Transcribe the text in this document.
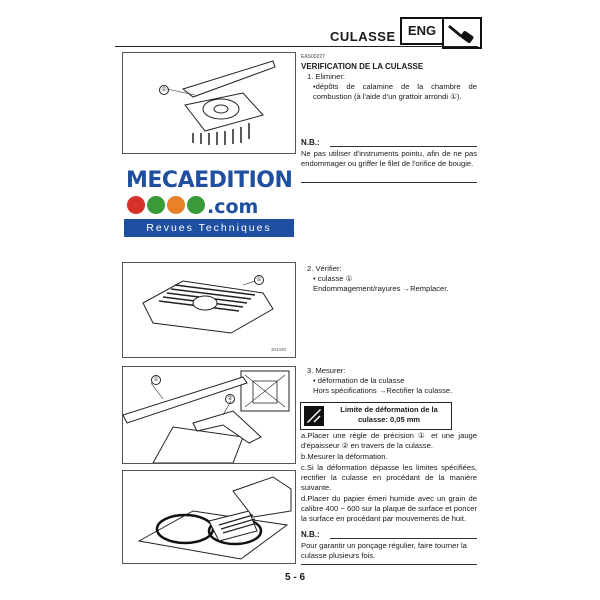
CULASSE ENG
①
EAS00227
VERIFICATION DE LA CULASSE
1. Eliminer:
•dépôts de calamine de la chambre de combustion (à l'aide d'un grattoir arrondi ①).
N.B.:
Ne pas utiliser d'instruments pointu, afin de ne pas endommager ou griffer le filet de l'orifice de bougie.
MECAEDITION
.com
Revues Techniques
①
301030
2. Vérifier:
• culasse ①
Endommagement/rayures →Remplacer.
①
②
3. Mesurer:
• déformation de la culasse
Hors spécifications →Rectifier la culasse.
Limite de déformation de la
culasse: 0,05 mm
a.Placer une règle de précision ① et une jauge d'épaisseur ② en travers de la culasse.
b.Mesurer la déformation.
c.Si la déformation dépasse les limites spécifiées, rectifier la culasse en procédant de la manière suivante.
d.Placer du papier émeri humide avec un grain de calibre 400 ~ 600 sur la plaque de surface et poncer la surface en procédant par mouvements de huit.
N.B.:
Pour garantir un ponçage régulier, faire tourner la culasse plusieurs fois.
5 - 6
